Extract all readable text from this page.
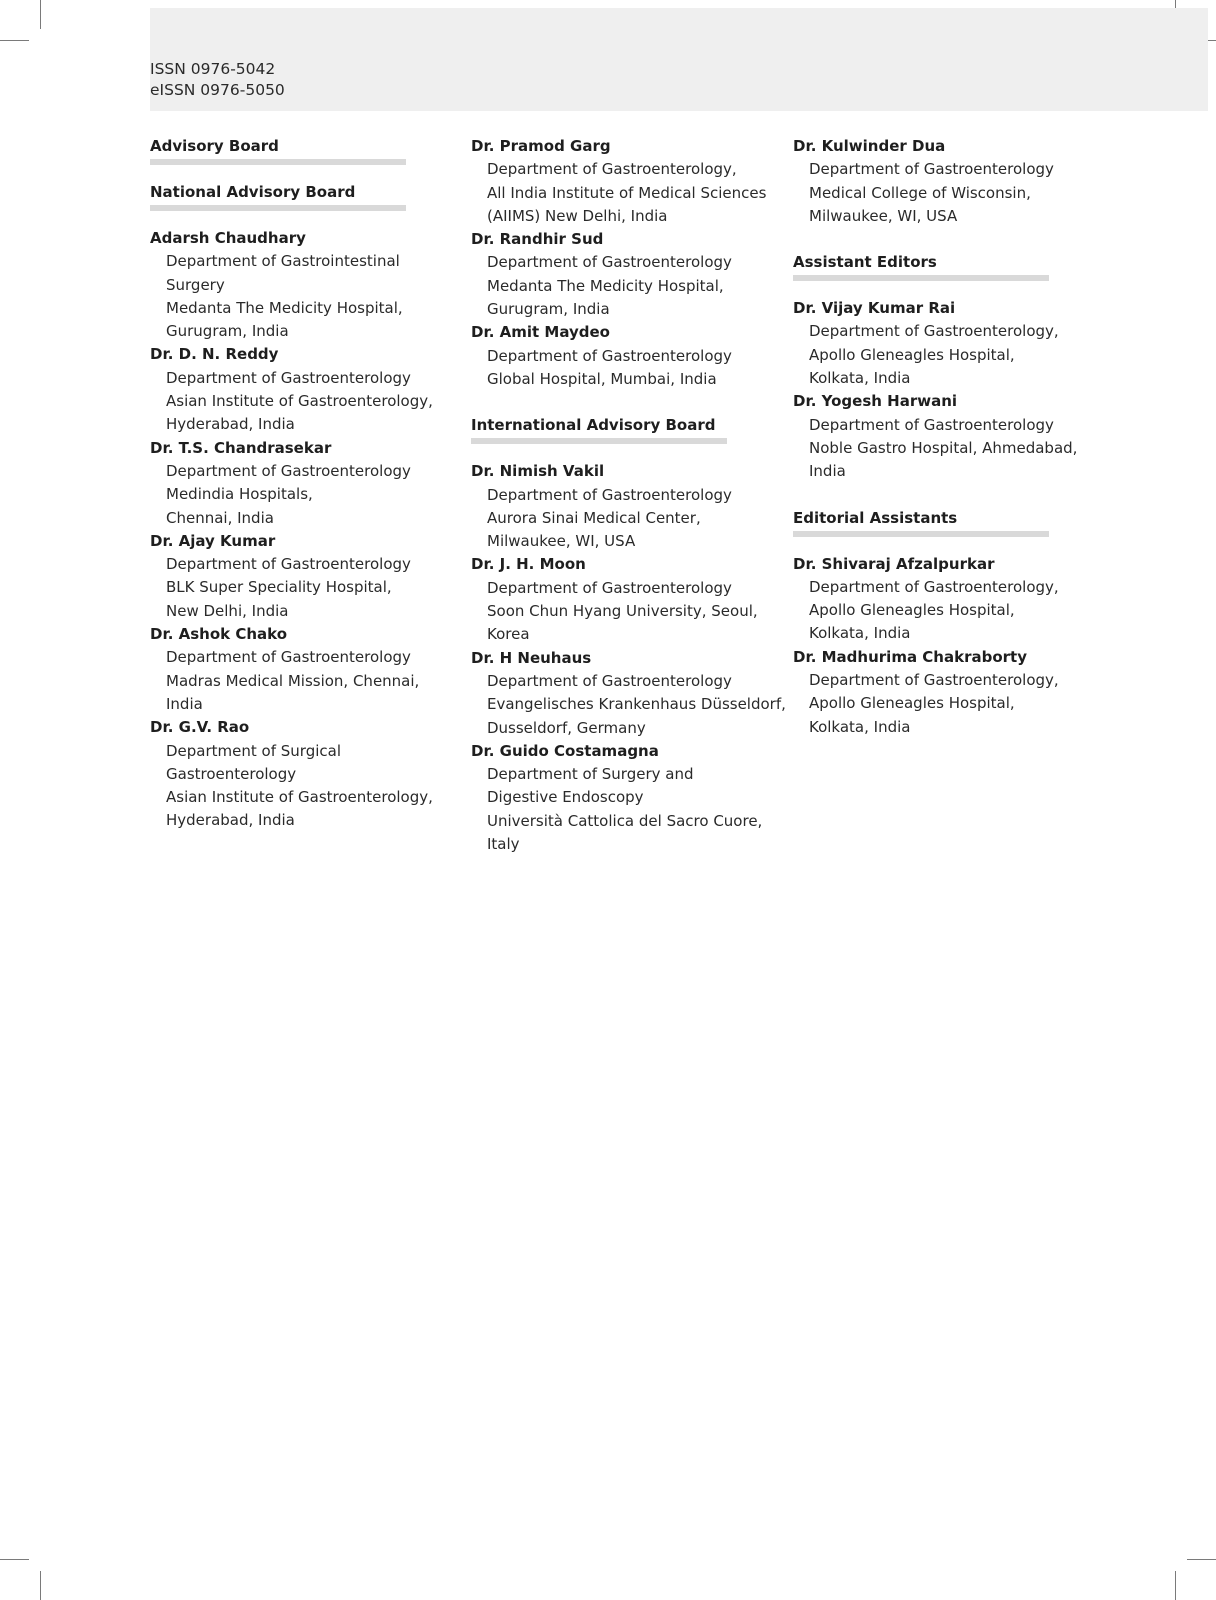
ISSN 0976-5042
eISSN 0976-5050
Advisory Board
National Advisory Board
Adarsh Chaudhary
Department of Gastrointestinal
Surgery
Medanta The Medicity Hospital,
Gurugram, India
Dr. D. N. Reddy
Department of Gastroenterology
Asian Institute of Gastroenterology,
Hyderabad, India
Dr. T.S. Chandrasekar
Department of Gastroenterology
Medindia Hospitals,
Chennai, India
Dr. Ajay Kumar
Department of Gastroenterology
BLK Super Speciality Hospital,
New Delhi, India
Dr. Ashok Chako
Department of Gastroenterology
Madras Medical Mission, Chennai,
India
Dr. G.V. Rao
Department of Surgical
Gastroenterology
Asian Institute of Gastroenterology,
Hyderabad, India
Dr. Pramod Garg
Department of Gastroenterology,
All India Institute of Medical Sciences
(AIIMS) New Delhi, India
Dr. Randhir Sud
Department of Gastroenterology
Medanta The Medicity Hospital,
Gurugram, India
Dr. Amit Maydeo
Department of Gastroenterology
Global Hospital, Mumbai, India
International Advisory Board
Dr. Nimish Vakil
Department of Gastroenterology
Aurora Sinai Medical Center,
Milwaukee, WI, USA
Dr. J. H. Moon
Department of Gastroenterology
Soon Chun Hyang University, Seoul,
Korea
Dr. H Neuhaus
Department of Gastroenterology
Evangelisches Krankenhaus Düsseldorf,
Dusseldorf, Germany
Dr. Guido Costamagna
Department of Surgery and
Digestive Endoscopy
Università Cattolica del Sacro Cuore,
Italy
Dr. Kulwinder Dua
Department of Gastroenterology
Medical College of Wisconsin,
Milwaukee, WI, USA
Assistant Editors
Dr. Vijay Kumar Rai
Department of Gastroenterology,
Apollo Gleneagles Hospital,
Kolkata, India
Dr. Yogesh Harwani
Department of Gastroenterology
Noble Gastro Hospital, Ahmedabad,
India
Editorial Assistants
Dr. Shivaraj Afzalpurkar
Department of Gastroenterology,
Apollo Gleneagles Hospital,
Kolkata, India
Dr. Madhurima Chakraborty
Department of Gastroenterology,
Apollo Gleneagles Hospital,
Kolkata, India
